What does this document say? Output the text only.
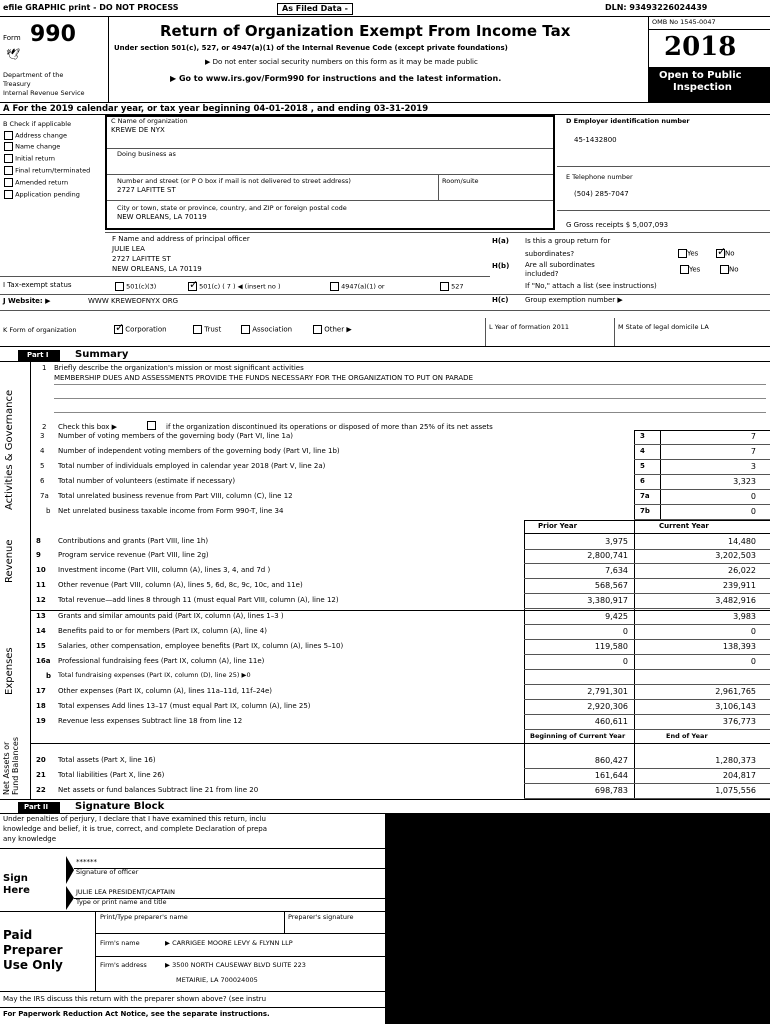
efile GRAPHIC print - DO NOT PROCESS	As Filed Data -	DLN: 93493226024439
Form 990
🕊
Department of the
Treasury
Internal Revenue Service
Return of Organization Exempt From Income Tax
Under section 501(c), 527, or 4947(a)(1) of the Internal Revenue Code (except private foundations)
▶ Do not enter social security numbers on this form as it may be made public
▶ Go to www.irs.gov/Form990 for instructions and the latest information.
OMB No 1545-0047
2018
Open to Public
Inspection
A For the 2019 calendar year, or tax year beginning 04-01-2018 , and ending 03-31-2019
B Check if applicable
Address change
Name change
Initial return
Final return/terminated
Amended return
Application pending
C Name of organization
KREWE DE NYX
Doing business as
Number and street (or P O box if mail is not delivered to street address)	Room/suite
2727 LAFITTE ST
City or town, state or province, country, and ZIP or foreign postal code
NEW ORLEANS, LA 70119
D Employer identification number
45-1432800
E Telephone number
(504) 285-7047
G Gross receipts $ 5,007,093
F Name and address of principal officer
JULIE LEA
2727 LAFITTE ST
NEW ORLEANS, LA 70119
H(a) Is this a group return for
subordinates?	Yes ✓	No
H(b) Are all subordinates
included?
Yes	No
If "No," attach a list (see instructions)
I Tax-exempt status	501(c)(3) ✓	501(c) ( 7 ) ◀ (insert no )	4947(a)(1) or	527
H(c) Group exemption number ▶
J Website: ▶	WWW KREWEOFNYX ORG
K Form of organization ✓	Corporation	Trust	Association	Other ▶	L Year of formation 2011	M State of legal domicile LA
Part I	Summary
Activities & Governance
Revenue
Expenses
Net Assets or Fund Balances
1 Briefly describe the organization's mission or most significant activities
MEMBERSHIP DUES AND ASSESSMENTS PROVIDE THE FUNDS NECESSARY FOR THE ORGANIZATION TO PUT ON PARADE
2 Check this box ▶	if the organization discontinued its operations or disposed of more than 25% of its net assets
3 Number of voting members of the governing body (Part VI, line 1a)	3	7
4 Number of independent voting members of the governing body (Part VI, line 1b)	4	7
5 Total number of individuals employed in calendar year 2018 (Part V, line 2a)	5	3
6 Total number of volunteers (estimate if necessary)	6	3,323
7a Total unrelated business revenue from Part VIII, column (C), line 12	7a	0
b Net unrelated business taxable income from Form 990-T, line 34	7b	0
Prior Year	Current Year
8 Contributions and grants (Part VIII, line 1h)	3,975	14,480
9 Program service revenue (Part VIII, line 2g)	2,800,741	3,202,503
10 Investment income (Part VIII, column (A), lines 3, 4, and 7d )	7,634	26,022
11 Other revenue (Part VIII, column (A), lines 5, 6d, 8c, 9c, 10c, and 11e)	568,567	239,911
12 Total revenue—add lines 8 through 11 (must equal Part VIII, column (A), line 12)	3,380,917	3,482,916
13 Grants and similar amounts paid (Part IX, column (A), lines 1–3 )	9,425	3,983
14 Benefits paid to or for members (Part IX, column (A), line 4)	0	0
15 Salaries, other compensation, employee benefits (Part IX, column (A), lines 5–10)	119,580	138,393
16a Professional fundraising fees (Part IX, column (A), line 11e)	0	0
b Total fundraising expenses (Part IX, column (D), line 25) ▶0
17 Other expenses (Part IX, column (A), lines 11a–11d, 11f–24e)	2,791,301	2,961,765
18 Total expenses Add lines 13–17 (must equal Part IX, column (A), line 25)	2,920,306	3,106,143
19 Revenue less expenses Subtract line 18 from line 12	460,611	376,773
Beginning of Current Year	End of Year
20 Total assets (Part X, line 16)	860,427	1,280,373
21 Total liabilities (Part X, line 26)	161,644	204,817
22 Net assets or fund balances Subtract line 21 from line 20	698,783	1,075,556
Part II	Signature Block
Under penalties of perjury, I declare that I have examined this return, inclu
knowledge and belief, it is true, correct, and complete Declaration of prepa
any knowledge
Sign
Here
******
Signature of officer
JULIE LEA PRESIDENT/CAPTAIN
Type or print name and title
Paid
Preparer
Use Only
Print/Type preparer's name	Preparer's signature
Firm's name	▶ CARRIGEE MOORE LEVY & FLYNN LLP
Firm's address	▶ 3500 NORTH CAUSEWAY BLVD SUITE 223
METAIRIE, LA 700024005
May the IRS discuss this return with the preparer shown above? (see instru
For Paperwork Reduction Act Notice, see the separate instructions.
